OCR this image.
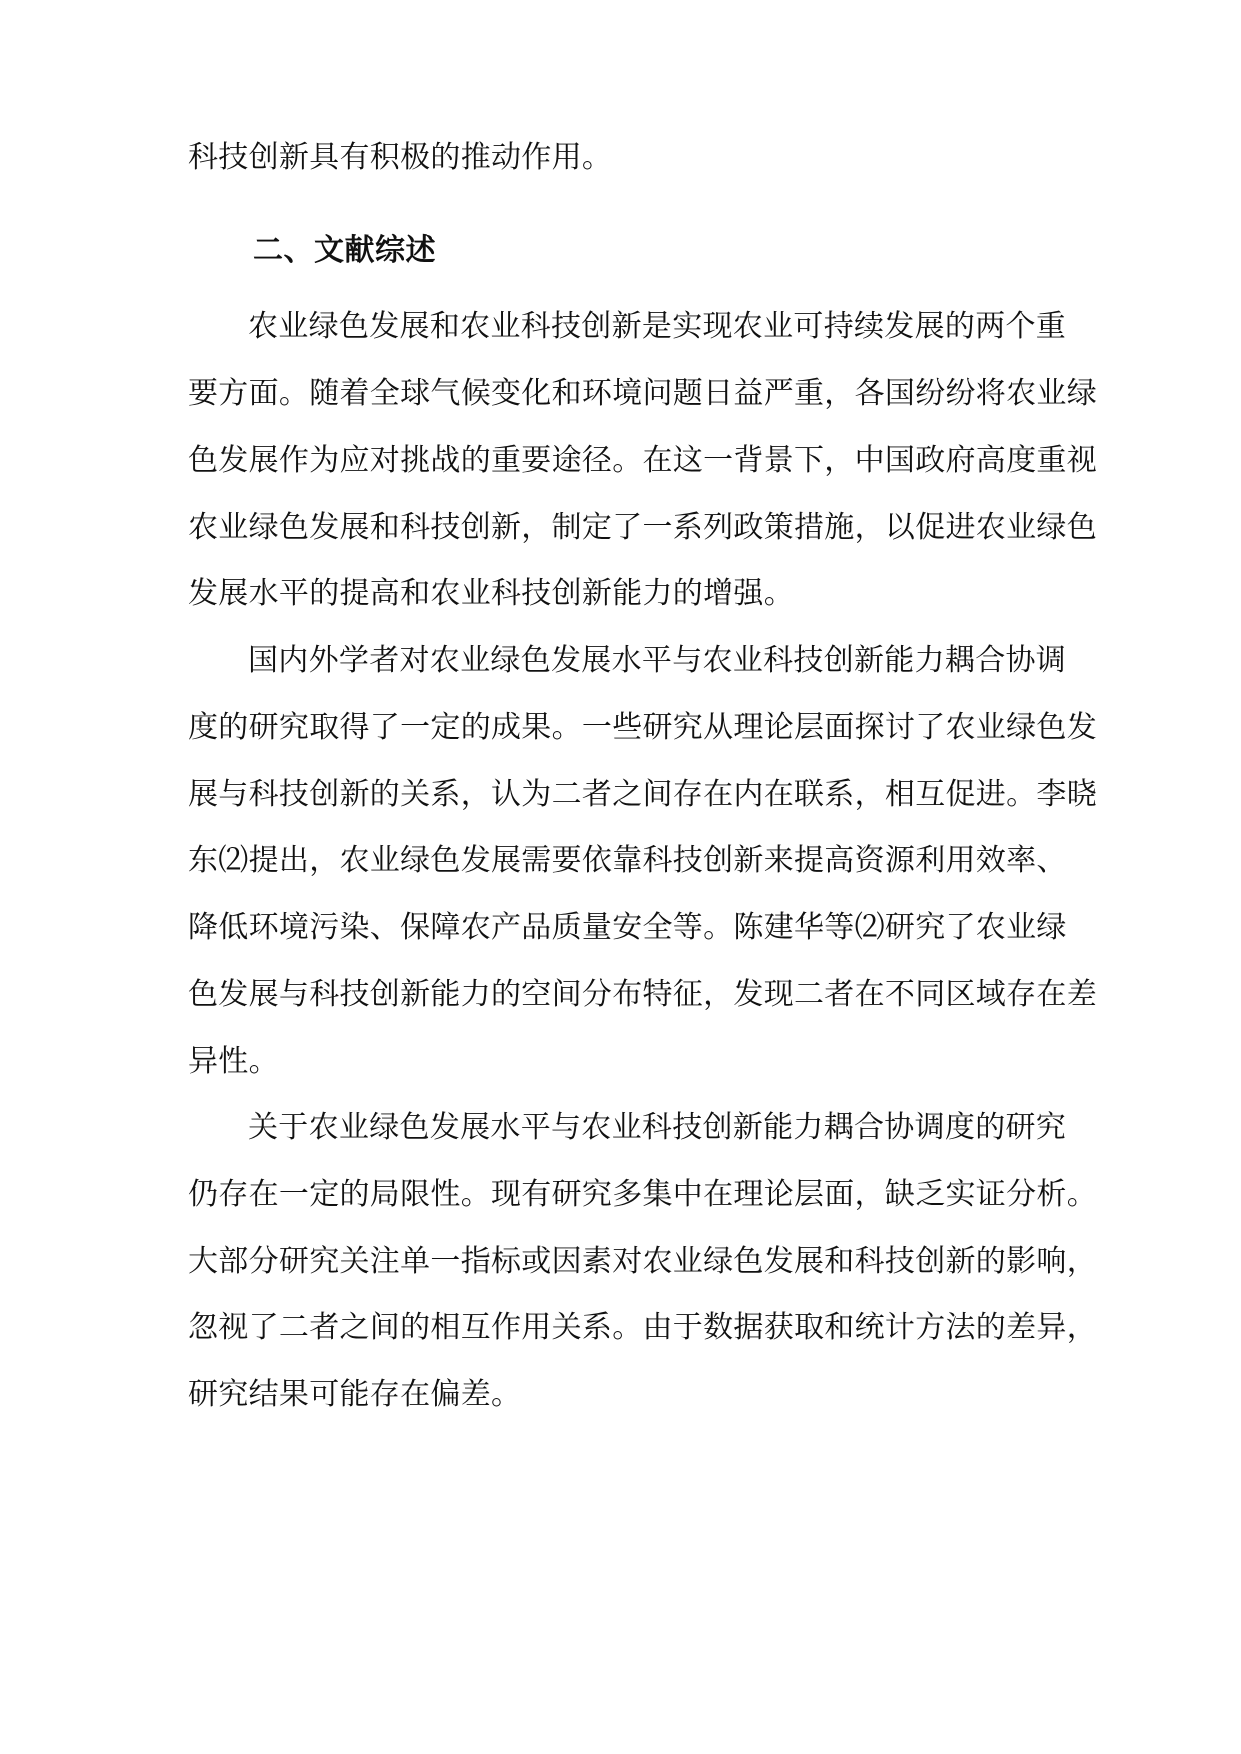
科技创新具有积极的推动作用。
二、文献综述
农业绿色发展和农业科技创新是实现农业可持续发展的两个重
要方面。随着全球气候变化和环境问题日益严重，各国纷纷将农业绿
色发展作为应对挑战的重要途径。在这一背景下，中国政府高度重视
农业绿色发展和科技创新，制定了一系列政策措施，以促进农业绿色
发展水平的提高和农业科技创新能力的增强。
国内外学者对农业绿色发展水平与农业科技创新能力耦合协调
度的研究取得了一定的成果。一些研究从理论层面探讨了农业绿色发
展与科技创新的关系，认为二者之间存在内在联系，相互促进。李晓
东⑵提出，农业绿色发展需要依靠科技创新来提高资源利用效率、
降低环境污染、保障农产品质量安全等。陈建华等⑵研究了农业绿
色发展与科技创新能力的空间分布特征，发现二者在不同区域存在差
异性。
关于农业绿色发展水平与农业科技创新能力耦合协调度的研究
仍存在一定的局限性。现有研究多集中在理论层面，缺乏实证分析。
大部分研究关注单一指标或因素对农业绿色发展和科技创新的影响，
忽视了二者之间的相互作用关系。由于数据获取和统计方法的差异，
研究结果可能存在偏差。
